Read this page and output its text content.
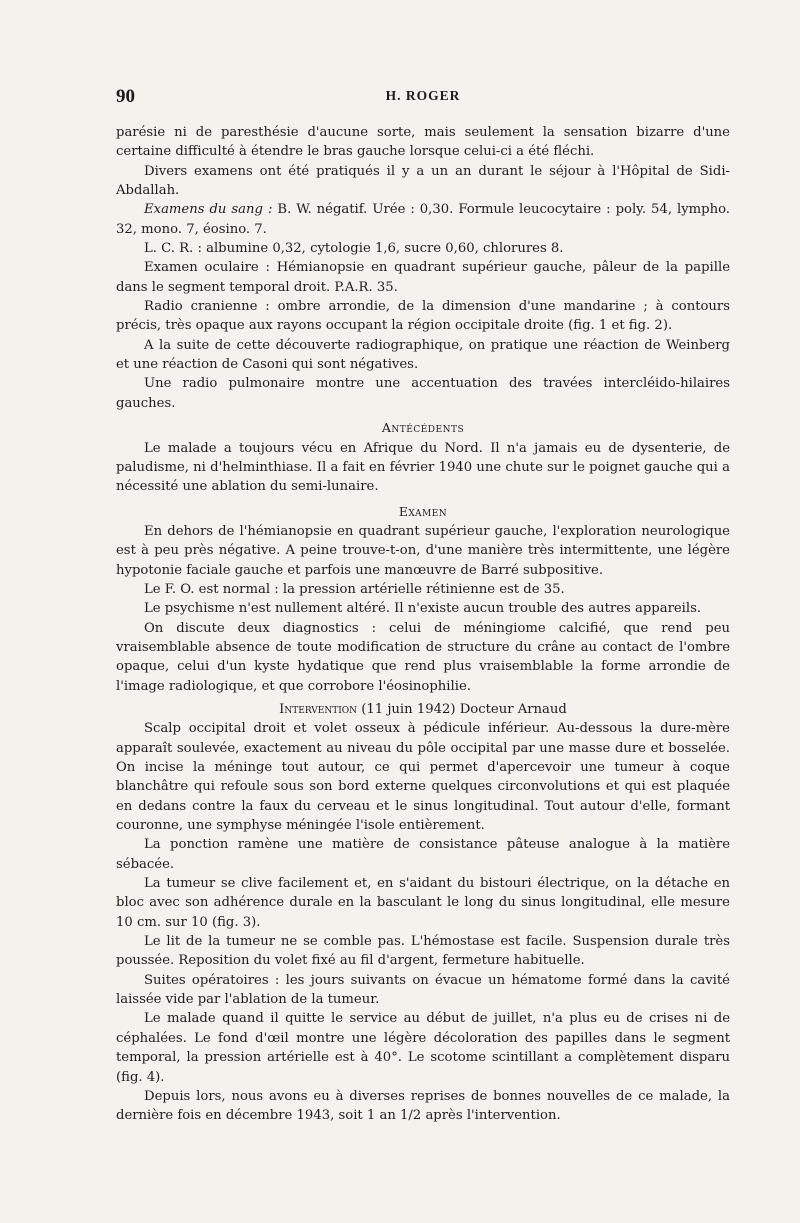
90	H. ROGER

parésie ni de paresthésie d'aucune sorte, mais seulement la sensation bizarre d'une certaine difficulté à étendre le bras gauche lorsque celui-ci a été fléchi.

Divers examens ont été pratiqués il y a un an durant le séjour à l'Hôpital de Sidi-Abdallah.

Examens du sang : B. W. négatif. Urée : 0,30. Formule leucocytaire : poly. 54, lympho. 32, mono. 7, éosino. 7.

L. C. R. : albumine 0,32, cytologie 1,6, sucre 0,60, chlorures 8.

Examen oculaire : Hémianopsie en quadrant supérieur gauche, pâleur de la papille dans le segment temporal droit. P.A.R. 35.

Radio cranienne : ombre arrondie, de la dimension d'une mandarine ; à contours précis, très opaque aux rayons occupant la région occipitale droite (fig. 1 et fig. 2).

A la suite de cette découverte radiographique, on pratique une réaction de Weinberg et une réaction de Casoni qui sont négatives.

Une radio pulmonaire montre une accentuation des travées intercléido-hilaires gauches.

Antécédents

Le malade a toujours vécu en Afrique du Nord. Il n'a jamais eu de dysenterie, de paludisme, ni d'helminthiase. Il a fait en février 1940 une chute sur le poignet gauche qui a nécessité une ablation du semi-lunaire.

Examen

En dehors de l'hémianopsie en quadrant supérieur gauche, l'exploration neurologique est à peu près négative. A peine trouve-t-on, d'une manière très intermittente, une légère hypotonie faciale gauche et parfois une manœuvre de Barré subpositive.

Le F. O. est normal : la pression artérielle rétinienne est de 35.

Le psychisme n'est nullement altéré. Il n'existe aucun trouble des autres appareils.

On discute deux diagnostics : celui de méningiome calcifié, que rend peu vraisemblable absence de toute modification de structure du crâne au contact de l'ombre opaque, celui d'un kyste hydatique que rend plus vraisemblable la forme arrondie de l'image radiologique, et que corrobore l'éosinophilie.

Intervention (11 juin 1942) Docteur Arnaud

Scalp occipital droit et volet osseux à pédicule inférieur. Au-dessous la dure-mère apparaît soulevée, exactement au niveau du pôle occipital par une masse dure et bosselée. On incise la méninge tout autour, ce qui permet d'apercevoir une tumeur à coque blanchâtre qui refoule sous son bord externe quelques circonvolutions et qui est plaquée en dedans contre la faux du cerveau et le sinus longitudinal. Tout autour d'elle, formant couronne, une symphyse méningée l'isole entièrement.

La ponction ramène une matière de consistance pâteuse analogue à la matière sébacée.

La tumeur se clive facilement et, en s'aidant du bistouri électrique, on la détache en bloc avec son adhérence durale en la basculant le long du sinus longitudinal, elle mesure 10 cm. sur 10 (fig. 3).

Le lit de la tumeur ne se comble pas. L'hémostase est facile. Suspension durale très poussée. Reposition du volet fixé au fil d'argent, fermeture habituelle.

Suites opératoires : les jours suivants on évacue un hématome formé dans la cavité laissée vide par l'ablation de la tumeur.

Le malade quand il quitte le service au début de juillet, n'a plus eu de crises ni de céphalées. Le fond d'œil montre une légère décoloration des papilles dans le segment temporal, la pression artérielle est à 40°. Le scotome scintillant a complètement disparu (fig. 4).

Depuis lors, nous avons eu à diverses reprises de bonnes nouvelles de ce malade, la dernière fois en décembre 1943, soit 1 an 1/2 après l'intervention.
